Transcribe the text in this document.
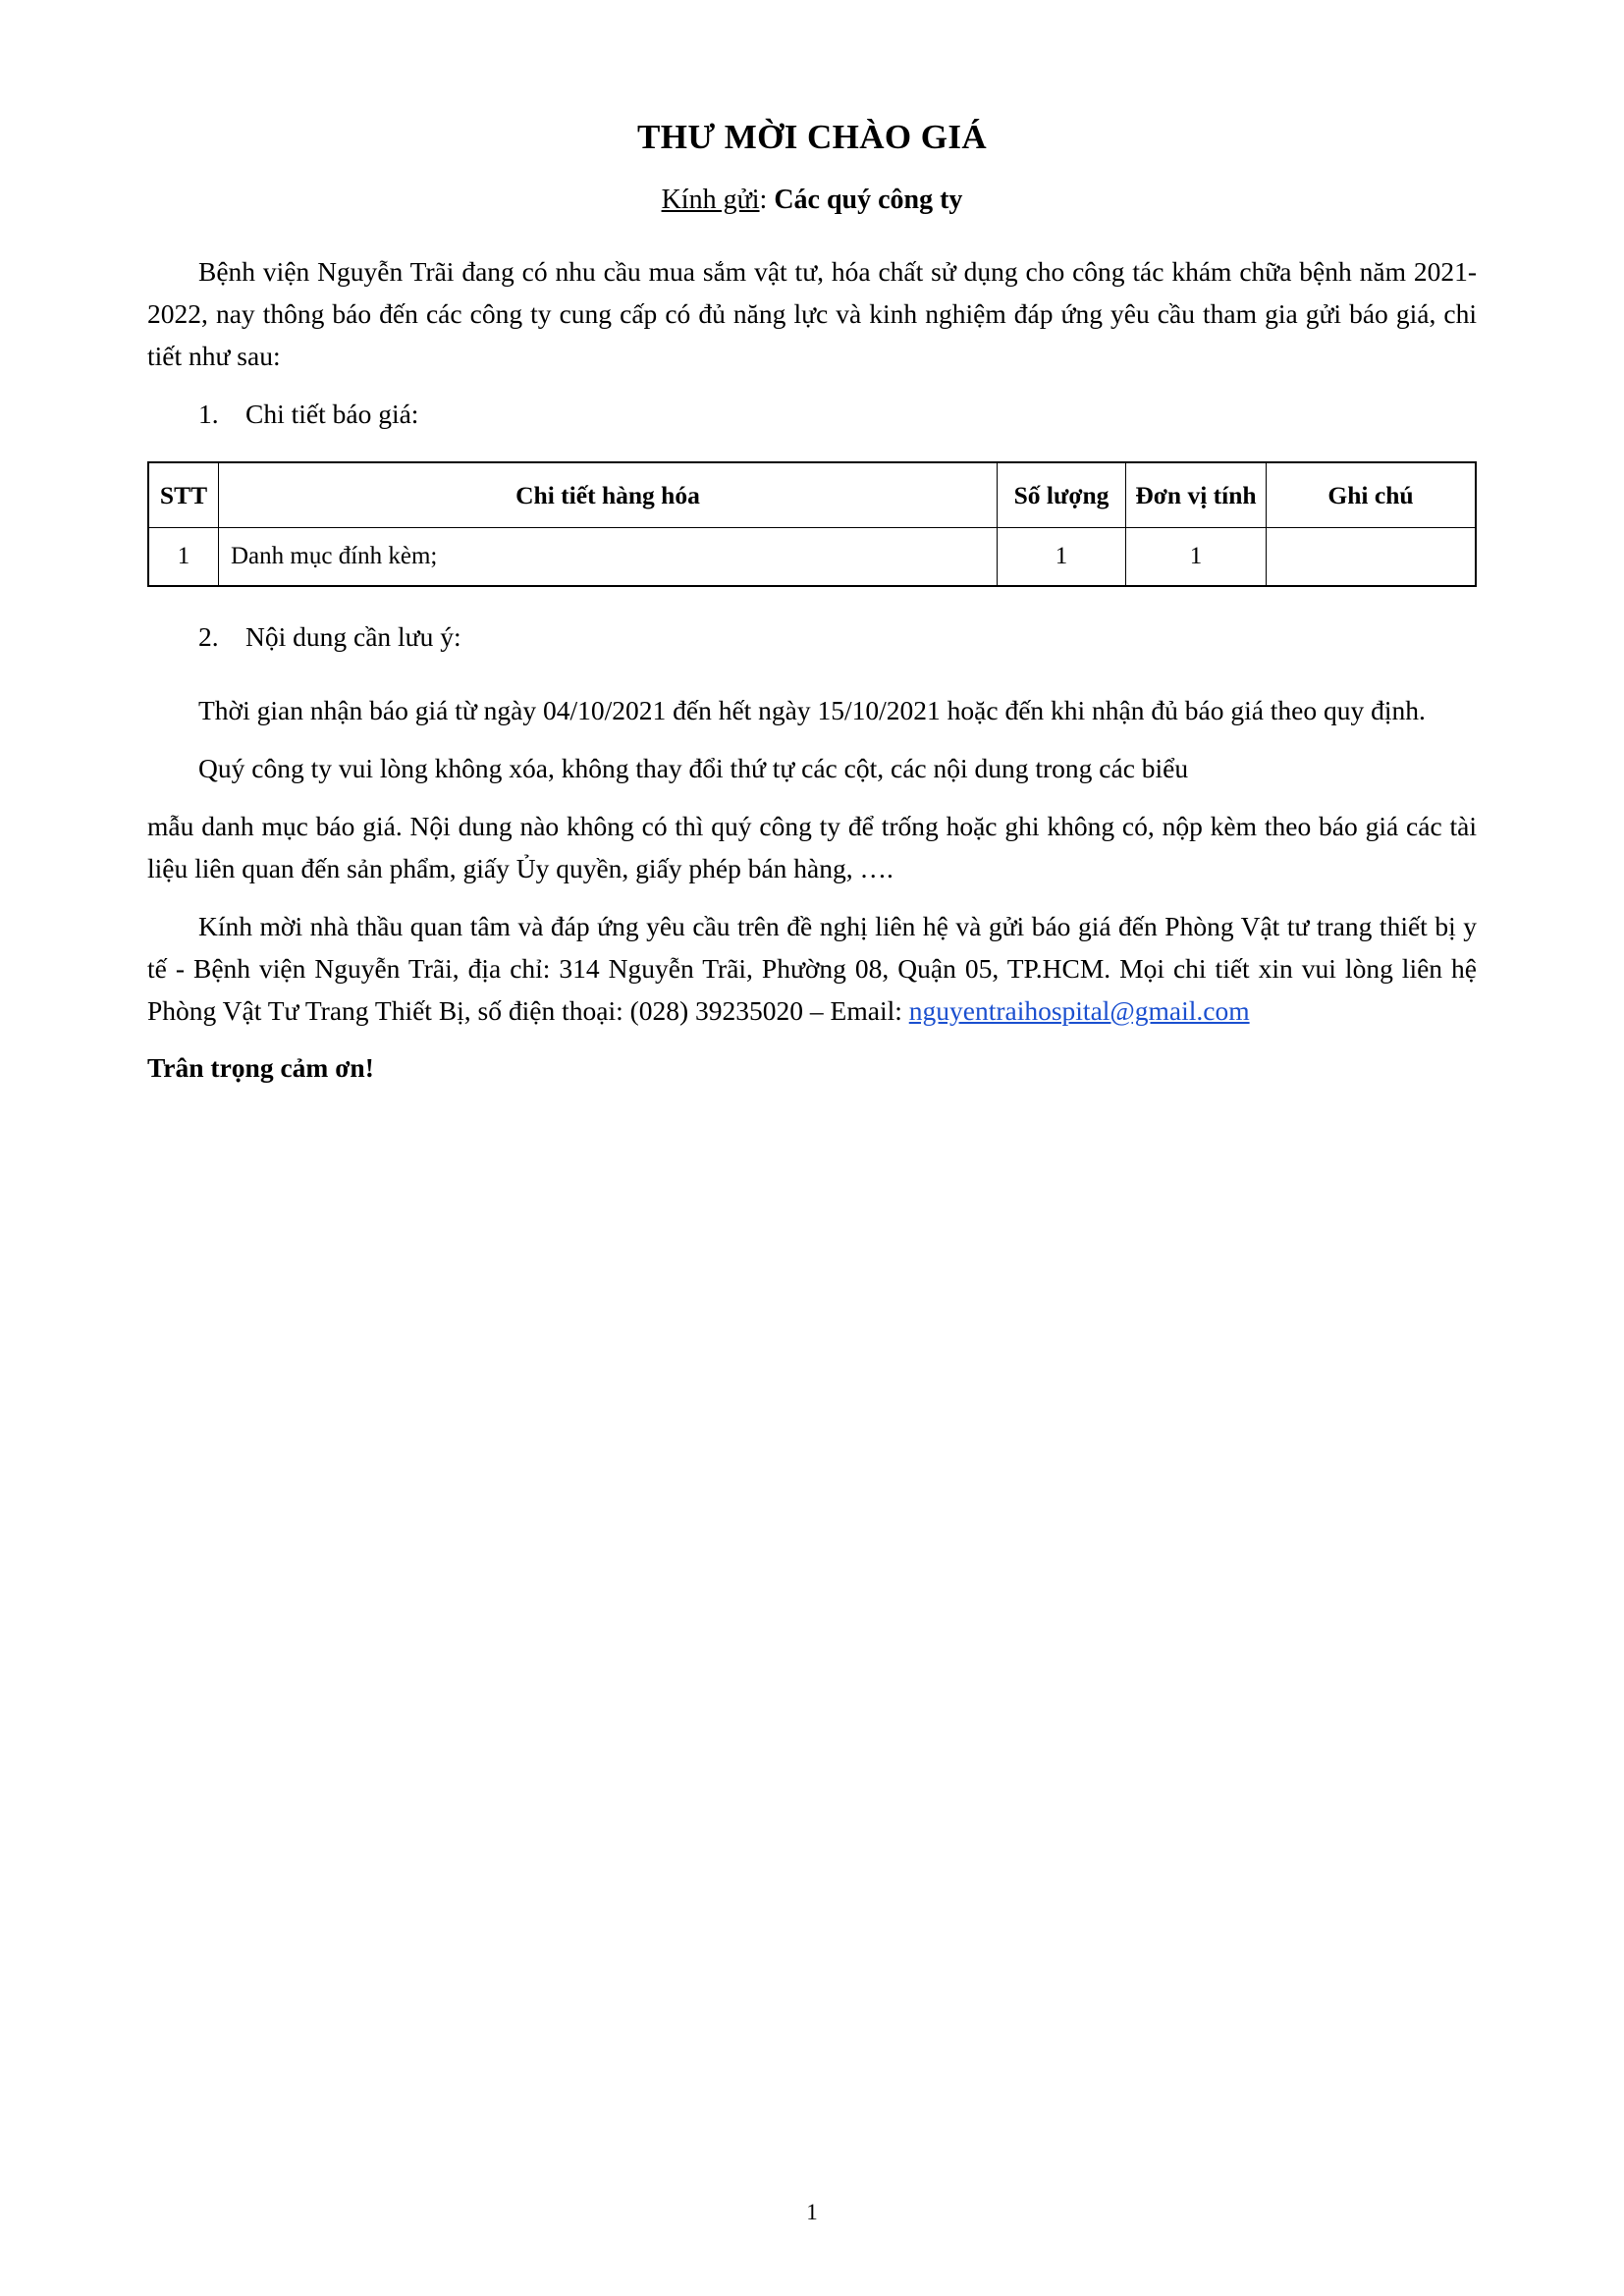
THƯ MỜI CHÀO GIÁ
Kính gửi: Các quý công ty

Bệnh viện Nguyễn Trãi đang có nhu cầu mua sắm vật tư, hóa chất sử dụng cho công tác khám chữa bệnh năm 2021-2022, nay thông báo đến các công ty cung cấp có đủ năng lực và kinh nghiệm đáp ứng yêu cầu tham gia gửi báo giá, chi tiết như sau:

1. Chi tiết báo giá:
STT	Chi tiết hàng hóa	Số lượng	Đơn vị tính	Ghi chú
1	Danh mục đính kèm;	1	1	
2. Nội dung cần lưu ý:

Thời gian nhận báo giá từ ngày 04/10/2021 đến hết ngày 15/10/2021 hoặc đến khi nhận đủ báo giá theo quy định.

Quý công ty vui lòng không xóa, không thay đổi thứ tự các cột, các nội dung trong các biểu

mẫu danh mục báo giá. Nội dung nào không có thì quý công ty để trống hoặc ghi không có, nộp kèm theo báo giá các tài liệu liên quan đến sản phẩm, giấy Ủy quyền, giấy phép bán hàng, ….

Kính mời nhà thầu quan tâm và đáp ứng yêu cầu trên đề nghị liên hệ và gửi báo giá đến Phòng Vật tư trang thiết bị y tế - Bệnh viện Nguyễn Trãi, địa chỉ: 314 Nguyễn Trãi, Phường 08, Quận 05, TP.HCM. Mọi chi tiết xin vui lòng liên hệ Phòng Vật Tư Trang Thiết Bị, số điện thoại: (028) 39235020 – Email: nguyentraihospital@gmail.com

Trân trọng cảm ơn!

1
